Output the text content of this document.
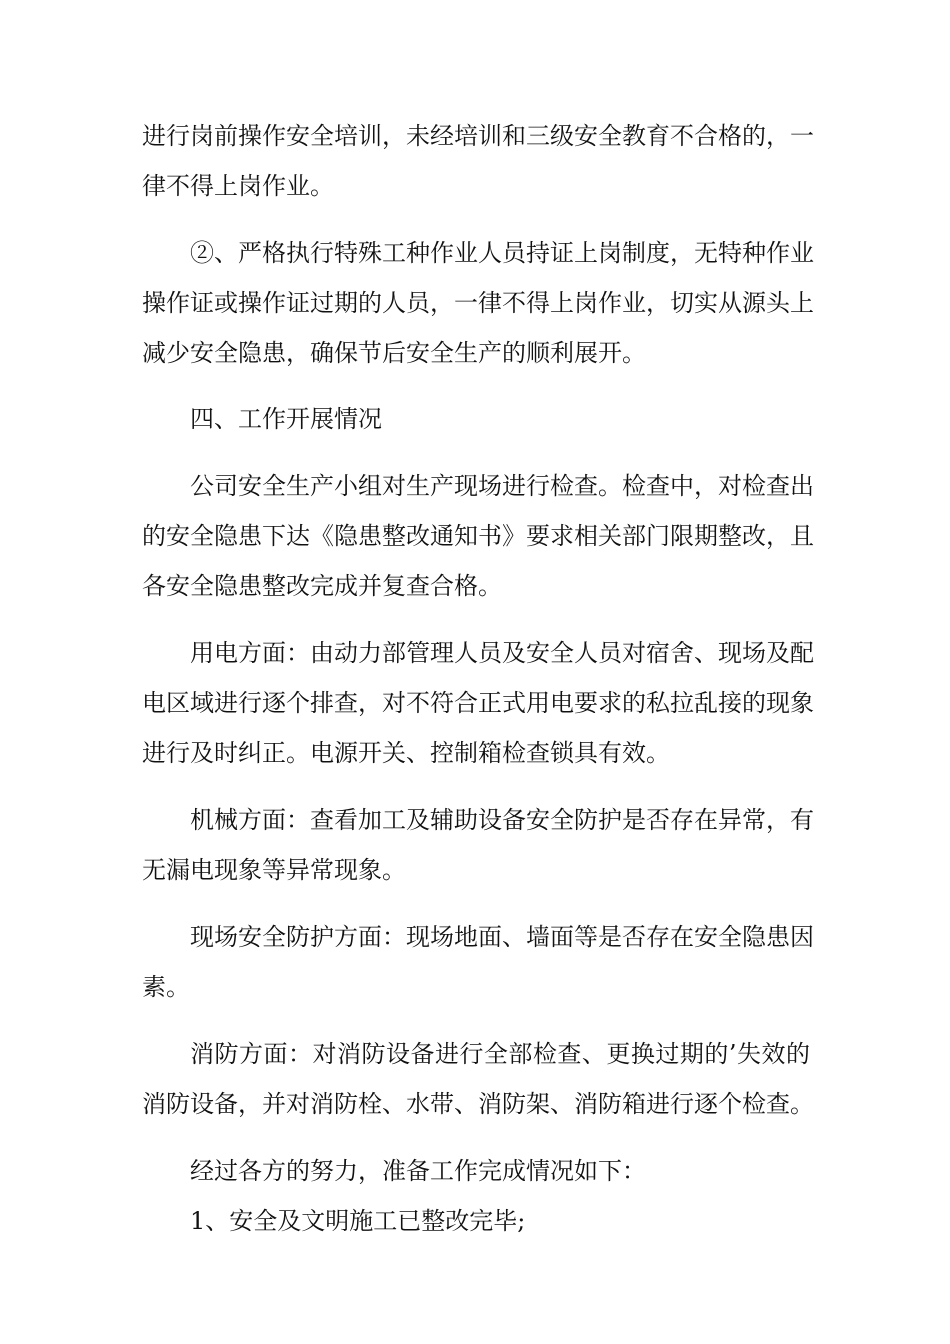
进行岗前操作安全培训，未经培训和三级安全教育不合格的，一
律不得上岗作业。

②、严格执行特殊工种作业人员持证上岗制度，无特种作业
操作证或操作证过期的人员，一律不得上岗作业，切实从源头上
减少安全隐患，确保节后安全生产的顺利展开。

四、工作开展情况

公司安全生产小组对生产现场进行检查。检查中，对检查出
的安全隐患下达《隐患整改通知书》要求相关部门限期整改，且
各安全隐患整改完成并复查合格。

用电方面：由动力部管理人员及安全人员对宿舍、现场及配
电区域进行逐个排查，对不符合正式用电要求的私拉乱接的现象
进行及时纠正。电源开关、控制箱检查锁具有效。

机械方面：查看加工及辅助设备安全防护是否存在异常，有
无漏电现象等异常现象。

现场安全防护方面：现场地面、墙面等是否存在安全隐患因
素。

消防方面：对消防设备进行全部检查、更换过期的’失效的
消防设备，并对消防栓、水带、消防架、消防箱进行逐个检查。

经过各方的努力，准备工作完成情况如下：

1、安全及文明施工已整改完毕;
